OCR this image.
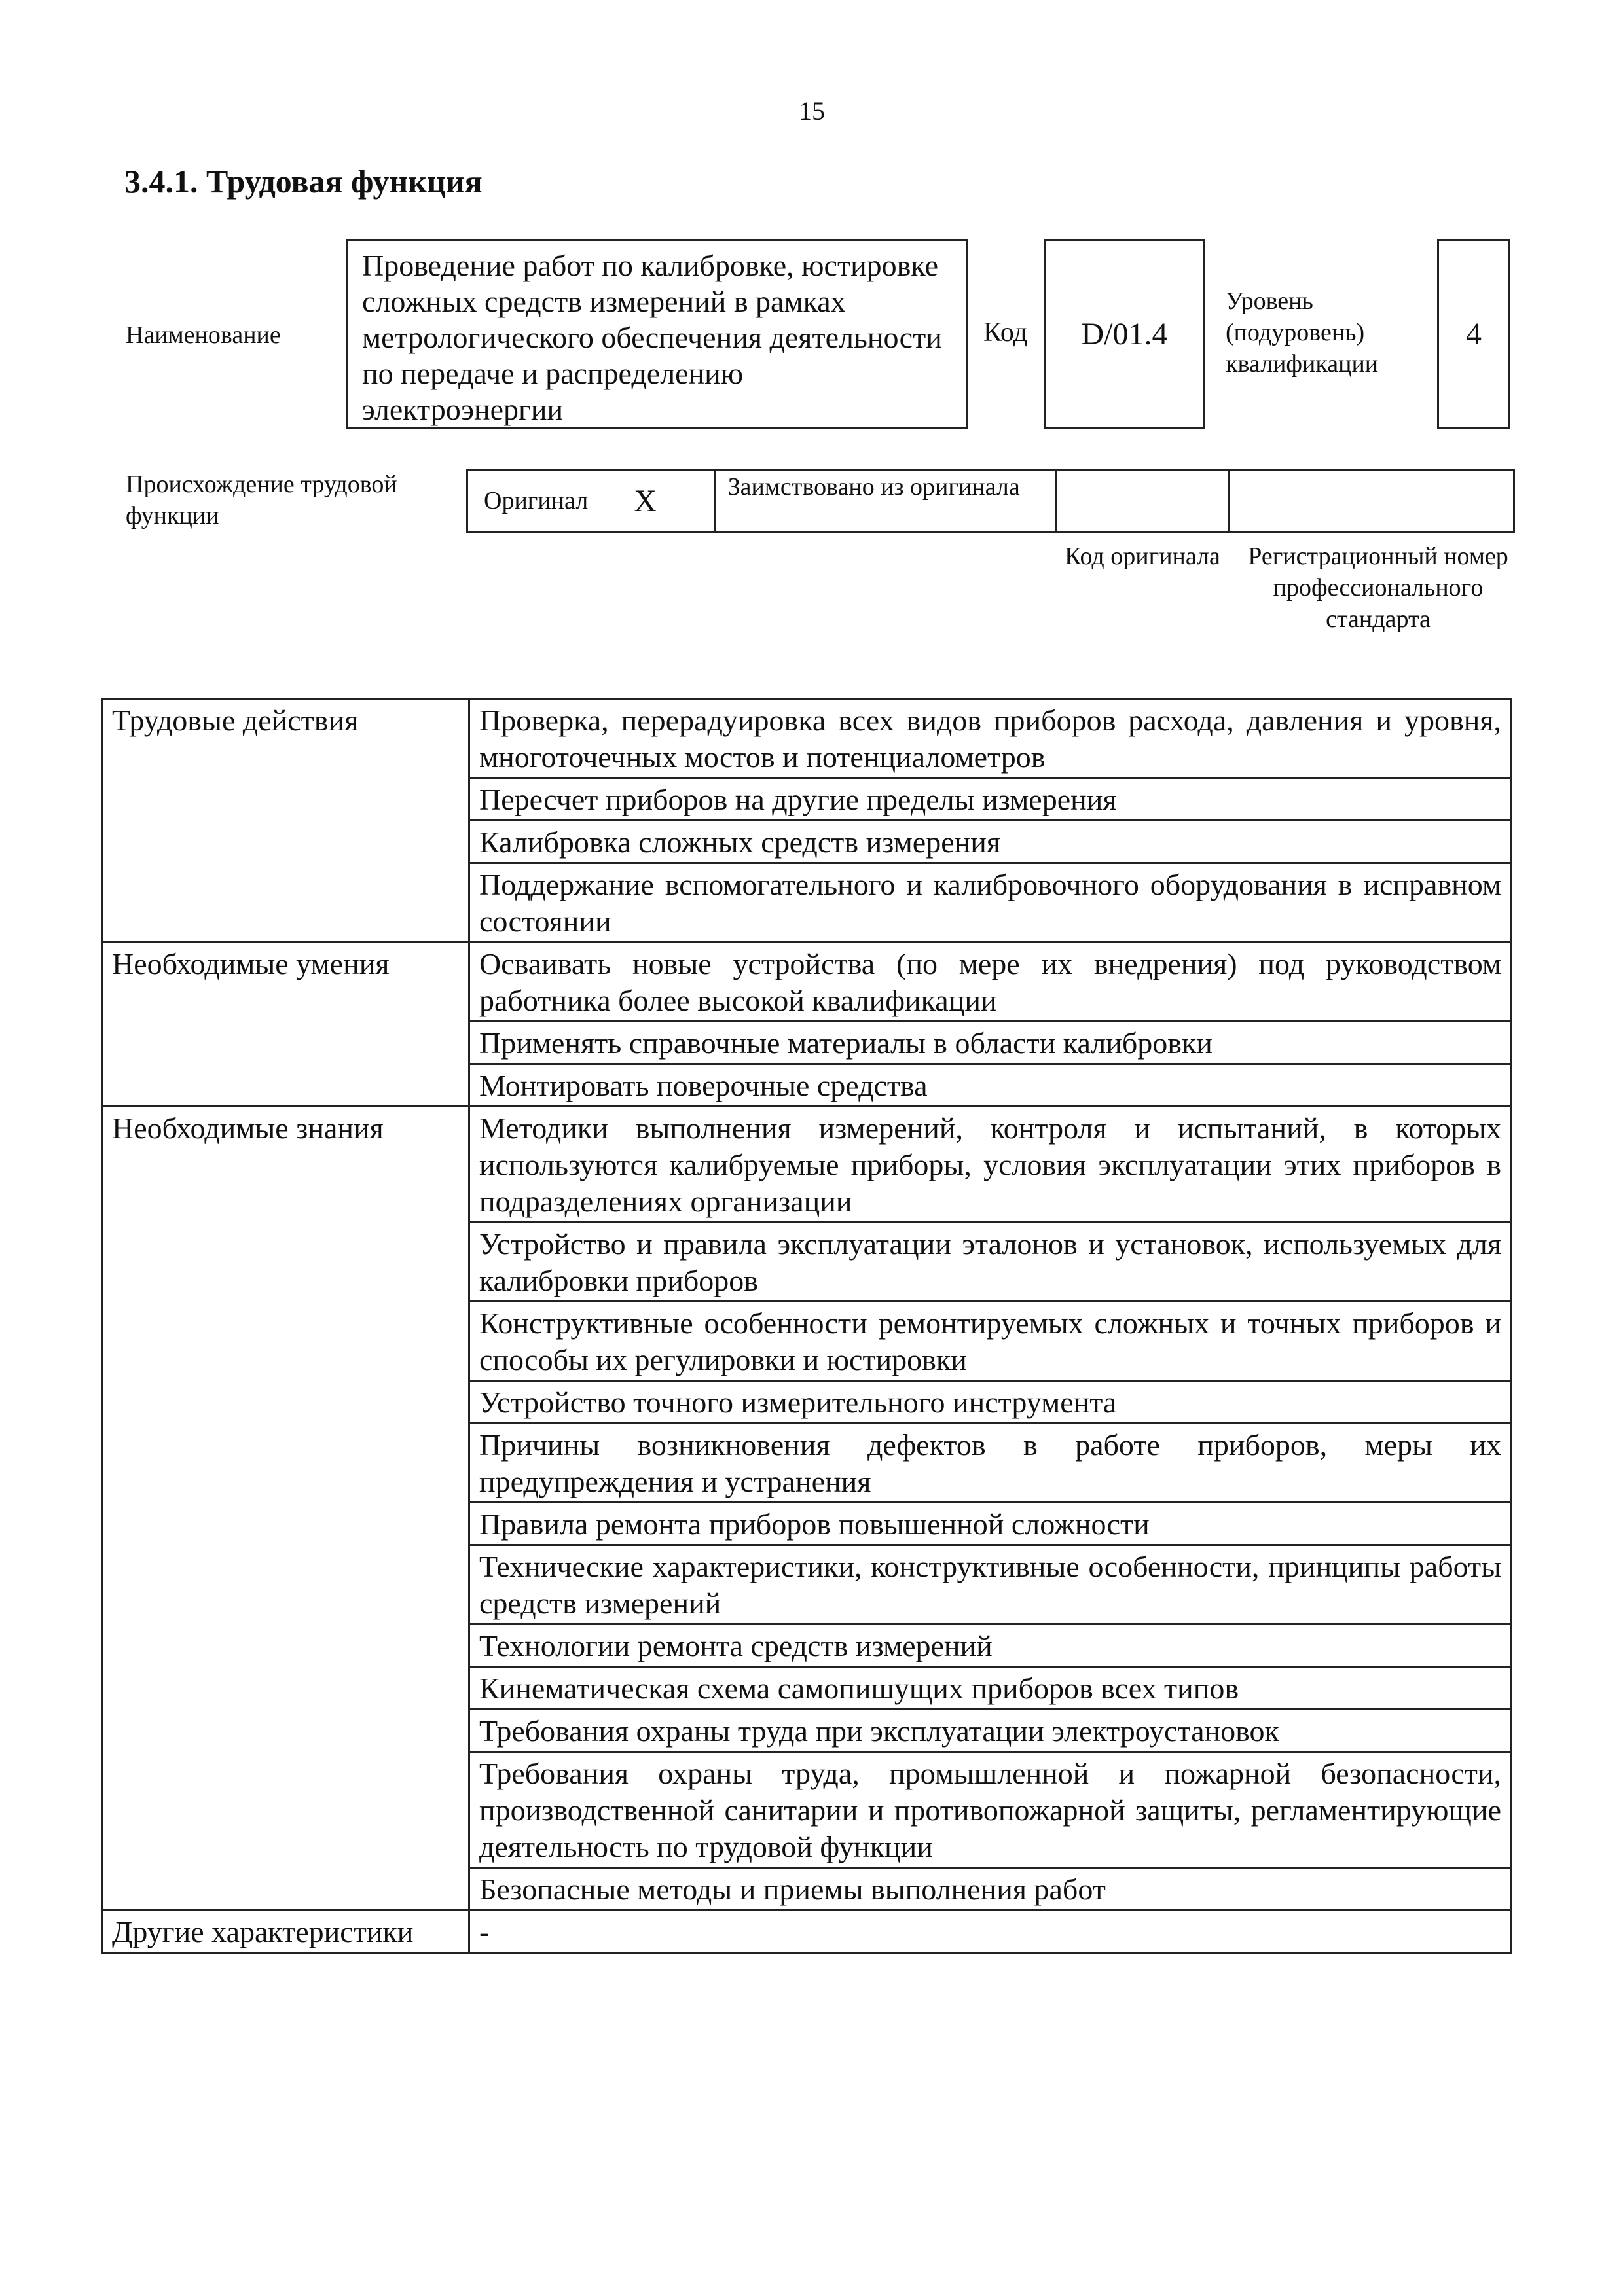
15
3.4.1. Трудовая функция
Наименование
Проведение работ по калибровке, юстировке сложных средств измерений в рамках метрологического обеспечения деятельности по передаче и распределению электроэнергии
Код D/01.4
Уровень (подуровень) квалификации
4
Происхождение трудовой функции
Оригинал X	Заимствовано из оригинала
Код оригинала Регистрационный номер профессионального стандарта
Трудовые действия	Проверка, перерадуировка всех видов приборов расхода, давления и уровня, многоточечных мостов и потенциалометров
	Пересчет приборов на другие пределы измерения
	Калибровка сложных средств измерения
	Поддержание вспомогательного и калибровочного оборудования в исправном состоянии
Необходимые умения	Осваивать новые устройства (по мере их внедрения) под руководством работника более высокой квалификации
	Применять справочные материалы в области калибровки
	Монтировать поверочные средства
Необходимые знания	Методики выполнения измерений, контроля и испытаний, в которых используются калибруемые приборы, условия эксплуатации этих приборов в подразделениях организации
	Устройство и правила эксплуатации эталонов и установок, используемых для калибровки приборов
	Конструктивные особенности ремонтируемых сложных и точных приборов и способы их регулировки и юстировки
	Устройство точного измерительного инструмента
	Причины возникновения дефектов в работе приборов, меры их предупреждения и устранения
	Правила ремонта приборов повышенной сложности
	Технические характеристики, конструктивные особенности, принципы работы средств измерений
	Технологии ремонта средств измерений
	Кинематическая схема самопишущих приборов всех типов
	Требования охраны труда при эксплуатации электроустановок
	Требования охраны труда, промышленной и пожарной безопасности, производственной санитарии и противопожарной защиты, регламентирующие деятельность по трудовой функции
	Безопасные методы и приемы выполнения работ
Другие характеристики	-
